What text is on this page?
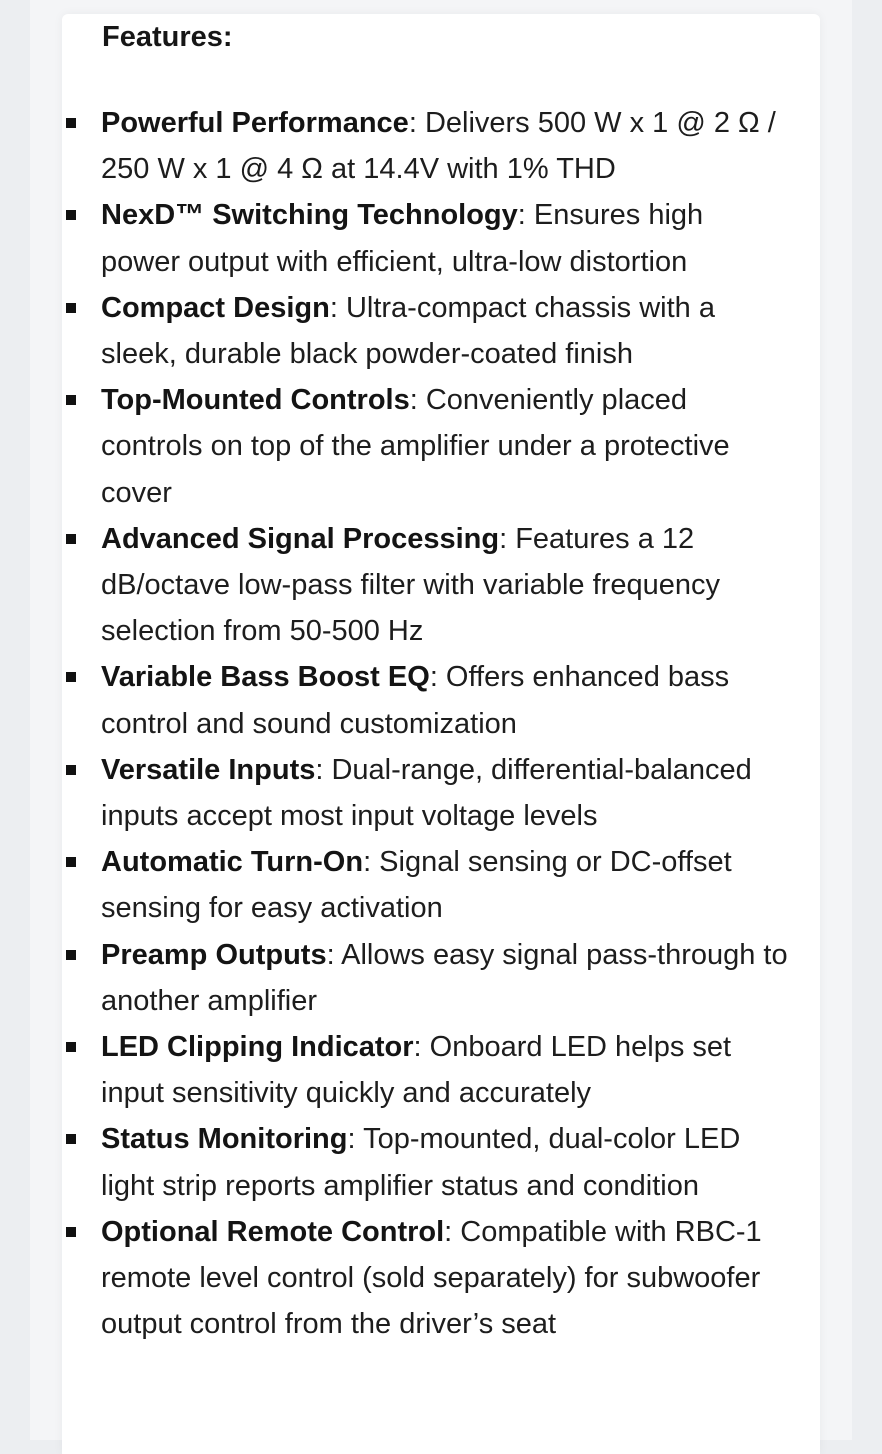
Features:
Powerful Performance: Delivers 500 W x 1 @ 2 Ω / 250 W x 1 @ 4 Ω at 14.4V with 1% THD
NexD™ Switching Technology: Ensures high power output with efficient, ultra-low distortion
Compact Design: Ultra-compact chassis with a sleek, durable black powder-coated finish
Top-Mounted Controls: Conveniently placed controls on top of the amplifier under a protective cover
Advanced Signal Processing: Features a 12 dB/octave low-pass filter with variable frequency selection from 50-500 Hz
Variable Bass Boost EQ: Offers enhanced bass control and sound customization
Versatile Inputs: Dual-range, differential-balanced inputs accept most input voltage levels
Automatic Turn-On: Signal sensing or DC-offset sensing for easy activation
Preamp Outputs: Allows easy signal pass-through to another amplifier
LED Clipping Indicator: Onboard LED helps set input sensitivity quickly and accurately
Status Monitoring: Top-mounted, dual-color LED light strip reports amplifier status and condition
Optional Remote Control: Compatible with RBC-1 remote level control (sold separately) for subwoofer output control from the driver’s seat
